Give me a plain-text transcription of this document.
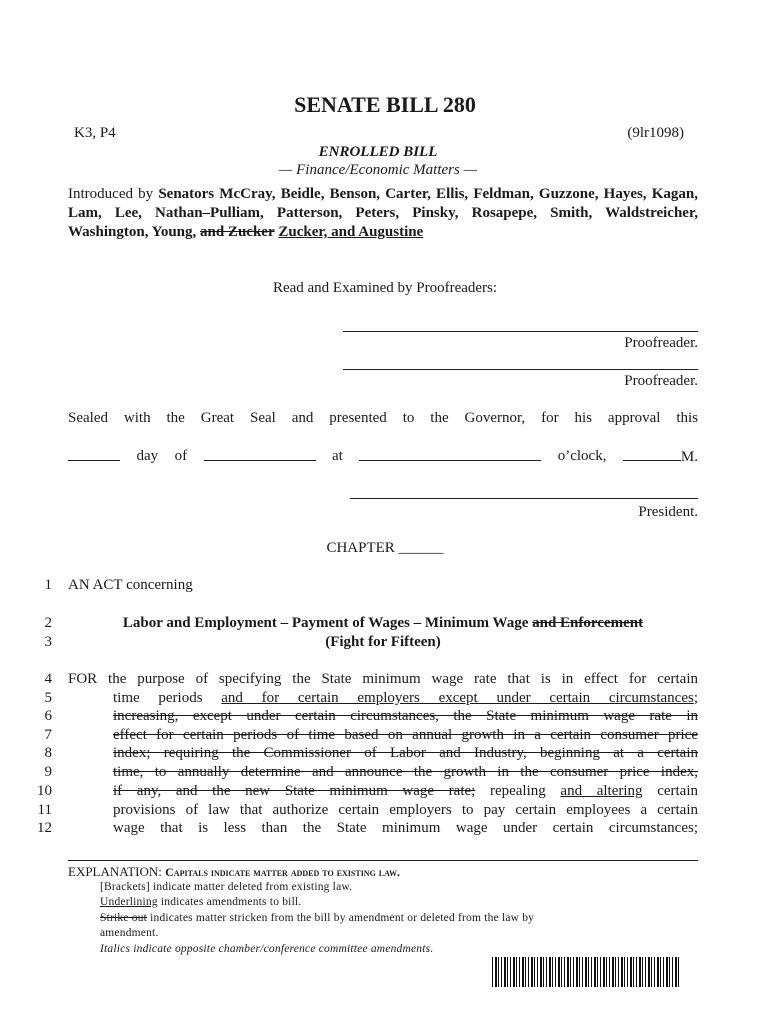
SENATE BILL 280
K3, P4	(9lr1098)
ENROLLED BILL
— Finance/Economic Matters —
Introduced by Senators McCray, Beidle, Benson, Carter, Ellis, Feldman, Guzzone, Hayes, Kagan, Lam, Lee, Nathan–Pulliam, Patterson, Peters, Pinsky, Rosapepe, Smith, Waldstreicher, Washington, Young, and Zucker Zucker, and Augustine
Read and Examined by Proofreaders:
Proofreader.
Proofreader.
Sealed with the Great Seal and presented to the Governor, for his approval this
day of	at	o’clock,	M.
President.
CHAPTER ______
1 AN ACT concerning
2	Labor and Employment – Payment of Wages – Minimum Wage and Enforcement
3	(Fight for Fifteen)
4 FOR the purpose of specifying the State minimum wage rate that is in effect for certain
5	time periods and for certain employers except under certain circumstances;
6	increasing, except under certain circumstances, the State minimum wage rate in
7	effect for certain periods of time based on annual growth in a certain consumer price
8	index; requiring the Commissioner of Labor and Industry, beginning at a certain
9	time, to annually determine and announce the growth in the consumer price index,
10	if any, and the new State minimum wage rate; repealing and altering certain
11	provisions of law that authorize certain employers to pay certain employees a certain
12	wage that is less than the State minimum wage under certain circumstances;
EXPLANATION: Capitals indicate matter added to existing law.
[Brackets] indicate matter deleted from existing law.
Underlining indicates amendments to bill.
Strike out indicates matter stricken from the bill by amendment or deleted from the law by
amendment.
Italics indicate opposite chamber/conference committee amendments.
